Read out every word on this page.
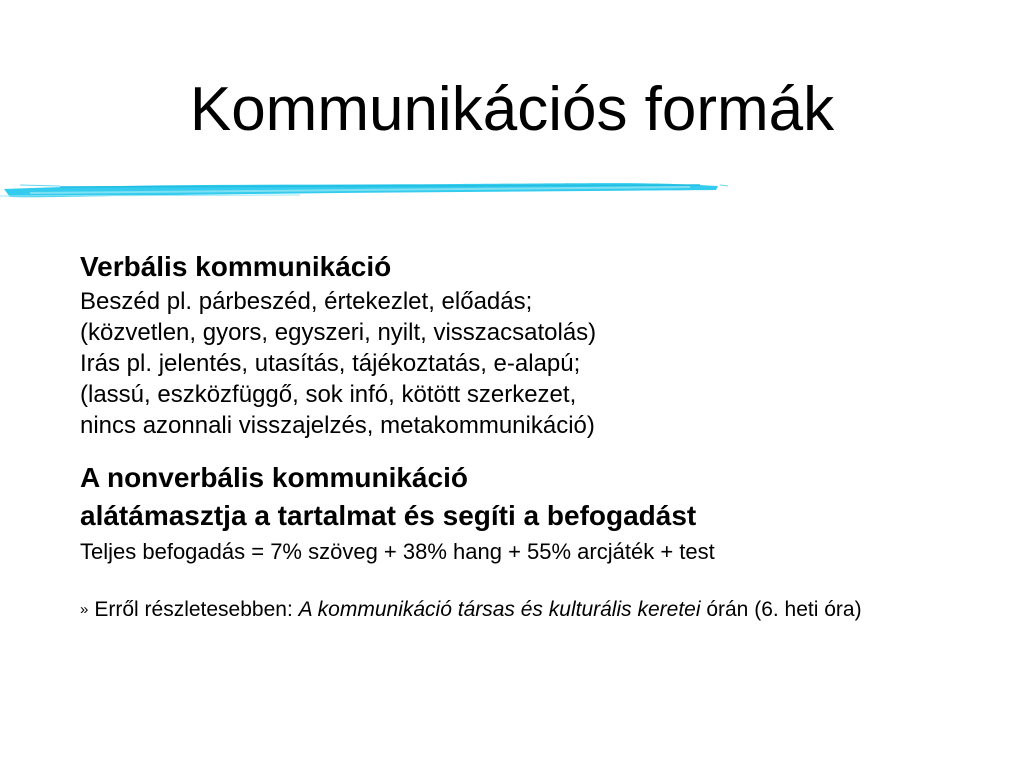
Kommunikációs formák
Verbális kommunikáció
Beszéd pl. párbeszéd, értekezlet, előadás;
(közvetlen, gyors, egyszeri, nyilt, visszacsatolás)
Irás pl. jelentés, utasítás, tájékoztatás, e-alapú;
(lassú, eszközfüggő, sok infó, kötött szerkezet,
nincs azonnali visszajelzés, metakommunikáció)
A nonverbális kommunikáció
alátámasztja a tartalmat és segíti a befogadást
Teljes befogadás = 7% szöveg + 38% hang + 55% arcjáték + test
» Erről részletesebben: A kommunikáció társas és kulturális keretei órán (6. heti óra)
